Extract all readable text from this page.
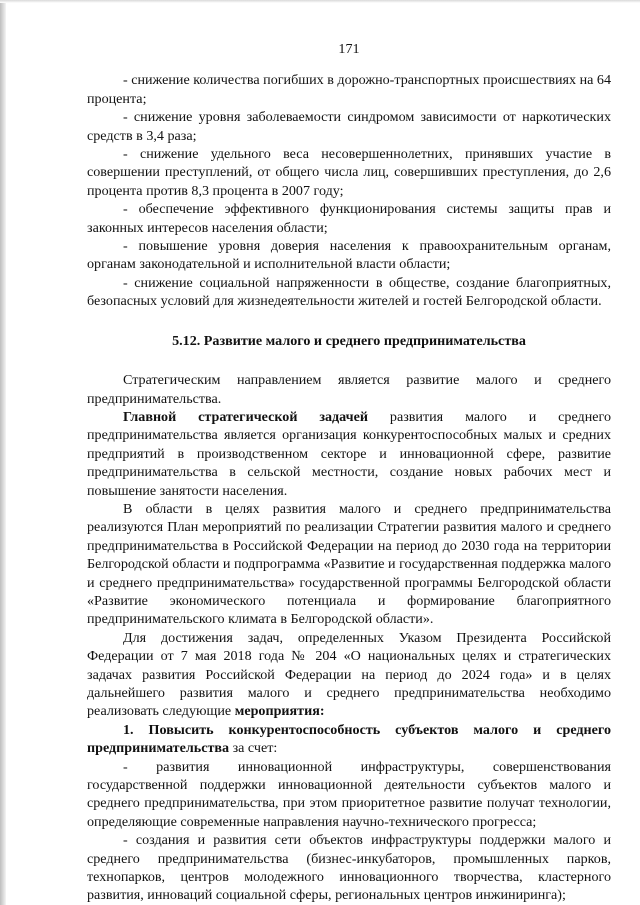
171

- снижение количества погибших в дорожно-транспортных происшествиях на 64 процента;

- снижение уровня заболеваемости синдромом зависимости от наркотических средств в 3,4 раза;

- снижение удельного веса несовершеннолетних, принявших участие в совершении преступлений, от общего числа лиц, совершивших преступления, до 2,6 процента против 8,3 процента в 2007 году;

- обеспечение эффективного функционирования системы защиты прав и законных интересов населения области;

- повышение уровня доверия населения к правоохранительным органам, органам законодательной и исполнительной власти области;

- снижение социальной напряженности в обществе, создание благоприятных, безопасных условий для жизнедеятельности жителей и гостей Белгородской области.

5.12. Развитие малого и среднего предпринимательства

Стратегическим направлением является развитие малого и среднего предпринимательства.

Главной стратегической задачей развития малого и среднего предпринимательства является организация конкурентоспособных малых и средних предприятий в производственном секторе и инновационной сфере, развитие предпринимательства в сельской местности, создание новых рабочих мест и повышение занятости населения.

В области в целях развития малого и среднего предпринимательства реализуются План мероприятий по реализации Стратегии развития малого и среднего предпринимательства в Российской Федерации на период до 2030 года на территории Белгородской области и подпрограмма «Развитие и государственная поддержка малого и среднего предпринимательства» государственной программы Белгородской области «Развитие экономического потенциала и формирование благоприятного предпринимательского климата в Белгородской области».

Для достижения задач, определенных Указом Президента Российской Федерации от 7 мая 2018 года № 204 «О национальных целях и стратегических задачах развития Российской Федерации на период до 2024 года» и в целях дальнейшего развития малого и среднего предпринимательства необходимо реализовать следующие мероприятия:

1. Повысить конкурентоспособность субъектов малого и среднего предпринимательства за счет:

- развития инновационной инфраструктуры, совершенствования государственной поддержки инновационной деятельности субъектов малого и среднего предпринимательства, при этом приоритетное развитие получат технологии, определяющие современные направления научно-технического прогресса;

- создания и развития сети объектов инфраструктуры поддержки малого и среднего предпринимательства (бизнес-инкубаторов, промышленных парков, технопарков, центров молодежного инновационного творчества, кластерного развития, инноваций социальной сферы, региональных центров инжиниринга);
